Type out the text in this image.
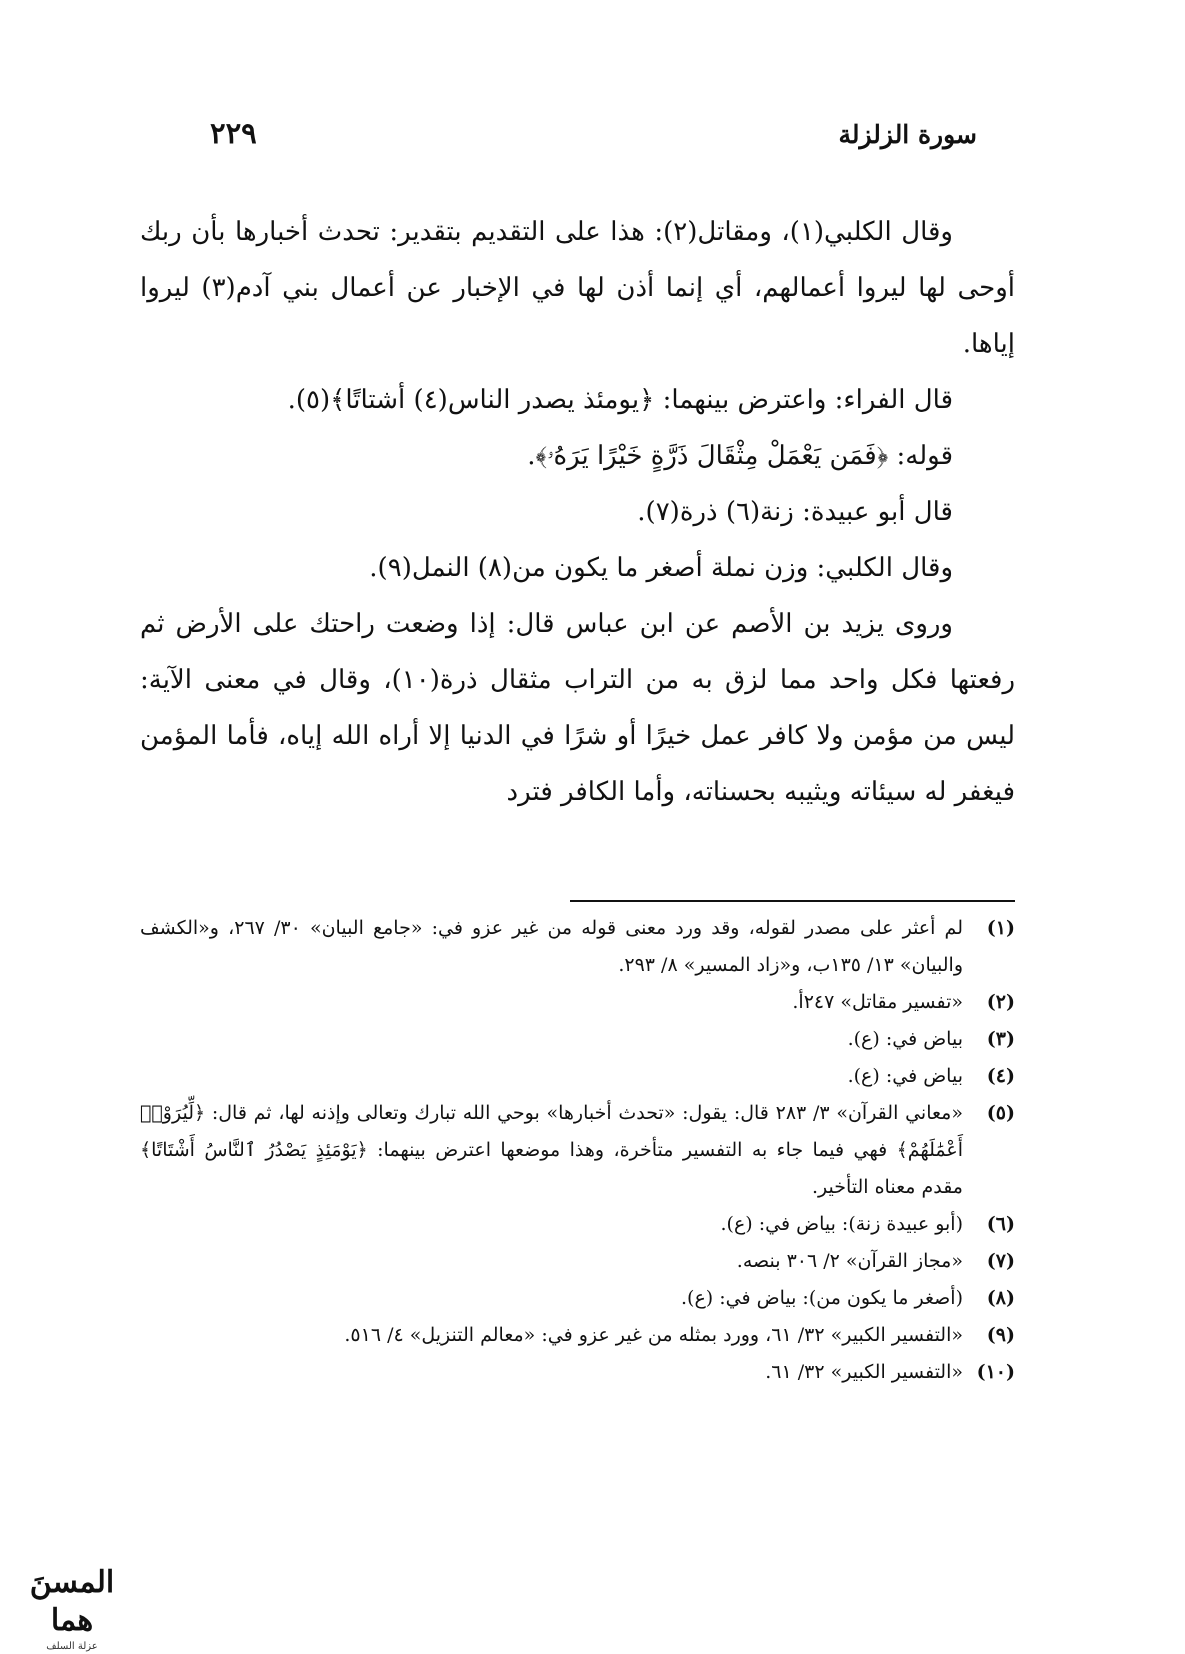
سورة الزلزلة
٢٢٩

وقال الكلبي(١)، ومقاتل(٢): هذا على التقديم بتقدير: تحدث أخبارها بأن ربك أوحى لها ليروا أعمالهم، أي إنما أذن لها في الإخبار عن أعمال بني آدم(٣) ليروا إياها.

قال الفراء: واعترض بينهما: ﴿يومئذ يصدر الناس(٤) أشتاتًا﴾(٥).

قوله: ﴿فَمَن يَعْمَلْ مِثْقَالَ ذَرَّةٍ خَيْرًا يَرَهُۥ﴾.

قال أبو عبيدة: زنة(٦) ذرة(٧).

وقال الكلبي: وزن نملة أصغر ما يكون من(٨) النمل(٩).

وروى يزيد بن الأصم عن ابن عباس قال: إذا وضعت راحتك على الأرض ثم رفعتها فكل واحد مما لزق به من التراب مثقال ذرة(١٠)، وقال في معنى الآية: ليس من مؤمن ولا كافر عمل خيرًا أو شرًا في الدنيا إلا أراه الله إياه، فأما المؤمن فيغفر له سيئاته ويثيبه بحسناته، وأما الكافر فترد

(١)
لم أعثر على مصدر لقوله، وقد ورد معنى قوله من غير عزو في: «جامع البيان» ٣٠/ ٢٦٧، و«الكشف والبيان» ١٣/ ١٣٥ب، و«زاد المسير» ٨/ ٢٩٣.
(٢)
«تفسير مقاتل» ٢٤٧أ.
(٣)
بياض في: (ع).
(٤)
بياض في: (ع).
(٥)
«معاني القرآن» ٣/ ٢٨٣ قال: يقول: «تحدث أخبارها» بوحي الله تبارك وتعالى وإذنه لها، ثم قال: ﴿لِّيُرَوْا۟ أَعْمَٰلَهُمْ﴾ فهي فيما جاء به التفسير متأخرة، وهذا موضعها اعترض بينهما: ﴿يَوْمَئِذٍ يَصْدُرُ ٱلنَّاسُ أَشْتَاتًا﴾ مقدم معناه التأخير.
(٦)
(أبو عبيدة زنة): بياض في: (ع).
(٧)
«مجاز القرآن» ٢/ ٣٠٦ بنصه.
(٨)
(أصغر ما يكون من): بياض في: (ع).
(٩)
«التفسير الكبير» ٣٢/ ٦١، وورد بمثله من غير عزو في: «معالم التنزيل» ٤/ ٥١٦.
(١٠)
«التفسير الكبير» ٣٢/ ٦١.
المسنَ هما
عزلة السلف
